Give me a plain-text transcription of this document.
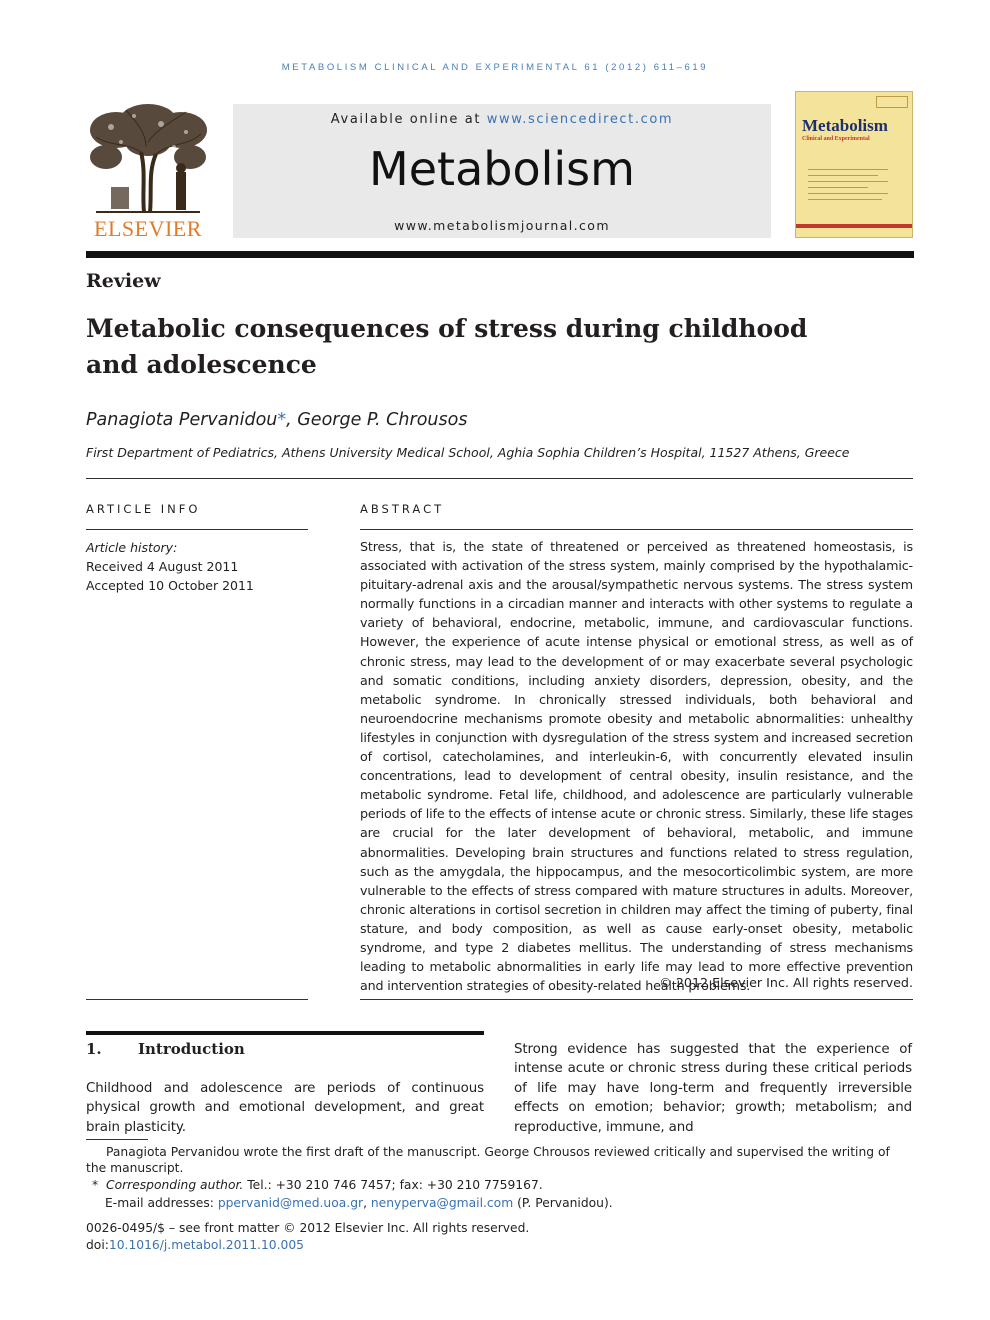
METABOLISM CLINICAL AND EXPERIMENTAL 61 (2012) 611–619
ELSEVIER
Available online at www.sciencedirect.com
Metabolism
www.metabolismjournal.com
Metabolism
Clinical and Experimental
Review
Metabolic consequences of stress during childhood
and adolescence
Panagiota Pervanidou*, George P. Chrousos
First Department of Pediatrics, Athens University Medical School, Aghia Sophia Children’s Hospital, 11527 Athens, Greece
ARTICLE INFO
Article history:
Received 4 August 2011
Accepted 10 October 2011
ABSTRACT
Stress, that is, the state of threatened or perceived as threatened homeostasis, is associated with activation of the stress system, mainly comprised by the hypothalamic-pituitary-adrenal axis and the arousal/sympathetic nervous systems. The stress system normally functions in a circadian manner and interacts with other systems to regulate a variety of behavioral, endocrine, metabolic, immune, and cardiovascular functions. However, the experience of acute intense physical or emotional stress, as well as of chronic stress, may lead to the development of or may exacerbate several psychologic and somatic conditions, including anxiety disorders, depression, obesity, and the metabolic syndrome. In chronically stressed individuals, both behavioral and neuroendocrine mechanisms promote obesity and metabolic abnormalities: unhealthy lifestyles in conjunction with dysregulation of the stress system and increased secretion of cortisol, catecholamines, and interleukin-6, with concurrently elevated insulin concentrations, lead to development of central obesity, insulin resistance, and the metabolic syndrome. Fetal life, childhood, and adolescence are particularly vulnerable periods of life to the effects of intense acute or chronic stress. Similarly, these life stages are crucial for the later development of behavioral, metabolic, and immune abnormalities. Developing brain structures and functions related to stress regulation, such as the amygdala, the hippocampus, and the mesocorticolimbic system, are more vulnerable to the effects of stress compared with mature structures in adults. Moreover, chronic alterations in cortisol secretion in children may affect the timing of puberty, final stature, and body composition, as well as cause early-onset obesity, metabolic syndrome, and type 2 diabetes mellitus. The understanding of stress mechanisms leading to metabolic abnormalities in early life may lead to more effective prevention and intervention strategies of obesity-related health problems.
© 2012 Elsevier Inc. All rights reserved.
1. Introduction
Childhood and adolescence are periods of continuous physical growth and emotional development, and great brain plasticity.
Strong evidence has suggested that the experience of intense acute or chronic stress during these critical periods of life may have long-term and frequently irreversible effects on emotion; behavior; growth; metabolism; and reproductive, immune, and
Panagiota Pervanidou wrote the first draft of the manuscript. George Chrousos reviewed critically and supervised the writing of the manuscript.
* Corresponding author. Tel.: +30 210 746 7457; fax: +30 210 7759167.
E-mail addresses: ppervanid@med.uoa.gr, nenyperva@gmail.com (P. Pervanidou).
0026-0495/$ – see front matter © 2012 Elsevier Inc. All rights reserved.
doi:10.1016/j.metabol.2011.10.005
